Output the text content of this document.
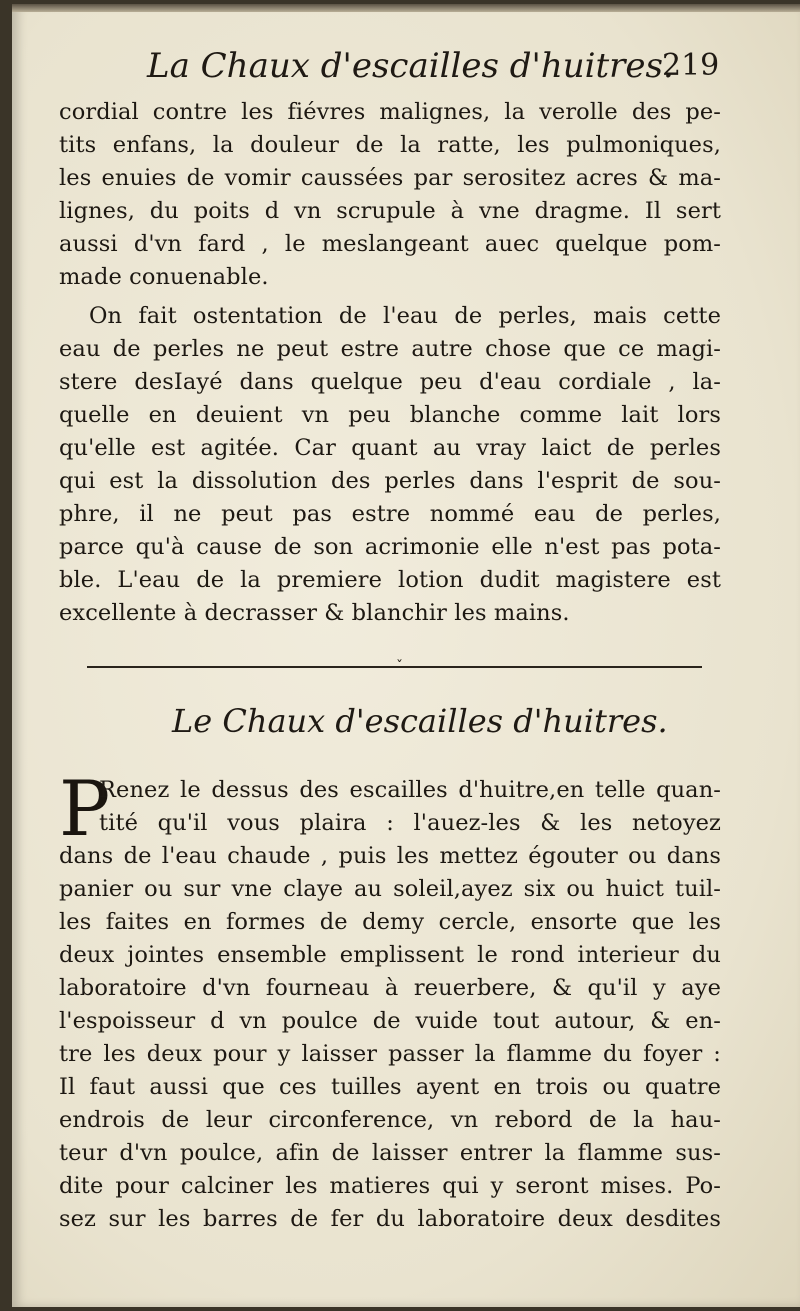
La Chaux d'escailles d'huitres.
219
cordial contre les fiévres malignes, la verolle des pe-
tits enfans, la douleur de la ratte, les pulmoniques,
les enuies de vomir caussées par serositez acres & ma-
lignes, du poits d vn scrupule à vne dragme. Il sert
aussi d'vn fard , le meslangeant auec quelque pom-
made conuenable.
On fait ostentation de l'eau de perles, mais cette
eau de perles ne peut estre autre chose que ce magi-
stere desIayé dans quelque peu d'eau cordiale , la-
quelle en deuient vn peu blanche comme lait lors
qu'elle est agitée. Car quant au vray laict de perles
qui est la dissolution des perles dans l'esprit de sou-
phre, il ne peut pas estre nommé eau de perles,
parce qu'à cause de son acrimonie elle n'est pas pota-
ble. L'eau de la premiere lotion dudit magistere est
excellente à decrasser & blanchir les mains.
ˇ
Le Chaux d'escailles d'huitres.
P
Renez le dessus des escailles d'huitre,en telle quan-
tité qu'il vous plaira : l'auez-les & les netoyez
dans de l'eau chaude , puis les mettez égouter ou dans
panier ou sur vne claye au soleil,ayez six ou huict tuil-
les faites en formes de demy cercle, ensorte que les
deux jointes ensemble emplissent le rond interieur du
laboratoire d'vn fourneau à reuerbere, & qu'il y aye
l'espoisseur d vn poulce de vuide tout autour, & en-
tre les deux pour y laisser passer la flamme du foyer :
Il faut aussi que ces tuilles ayent en trois ou quatre
endrois de leur circonference, vn rebord de la hau-
teur d'vn poulce, afin de laisser entrer la flamme sus-
dite pour calciner les matieres qui y seront mises. Po-
sez sur les barres de fer du laboratoire deux desdites
